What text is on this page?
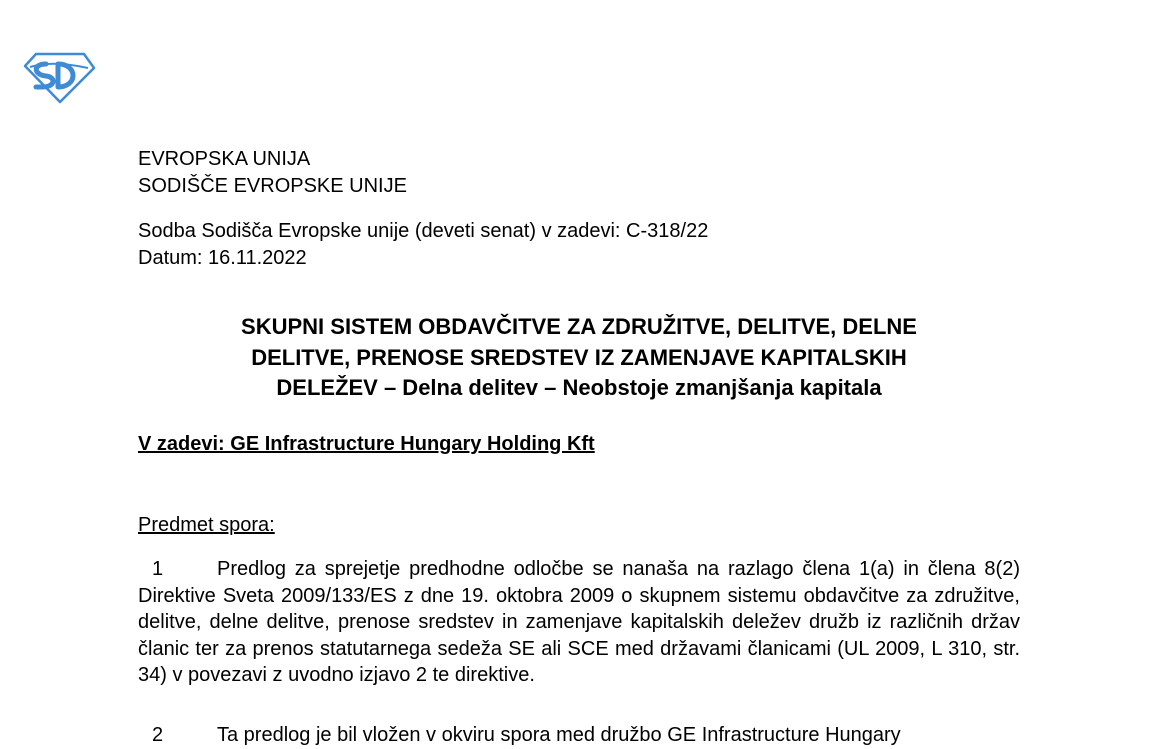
EVROPSKA UNIJA
SODIŠČE EVROPSKE UNIJE
Sodba Sodišča Evropske unije (deveti senat) v zadevi: C-318/22
Datum: 16.11.2022
SKUPNI SISTEM OBDAVČITVE ZA ZDRUŽITVE, DELITVE, DELNE
DELITVE, PRENOSE SREDSTEV IZ ZAMENJAVE KAPITALSKIH
DELEŽEV – Delna delitev – Neobstoje zmanjšanja kapitala
V zadevi: GE Infrastructure Hungary Holding Kft
Predmet spora:
1	Predlog za sprejetje predhodne odločbe se nanaša na razlago člena 1(a) in člena 8(2) Direktive Sveta 2009/133/ES z dne 19. oktobra 2009 o skupnem sistemu obdavčitve za združitve, delitve, delne delitve, prenose sredstev in zamenjave kapitalskih deležev družb iz različnih držav članic ter za prenos statutarnega sedeža SE ali SCE med državami članicami (UL 2009, L 310, str. 34) v povezavi z uvodno izjavo 2 te direktive.
2	Ta predlog je bil vložen v okviru spora med družbo GE Infrastructure Hungary
